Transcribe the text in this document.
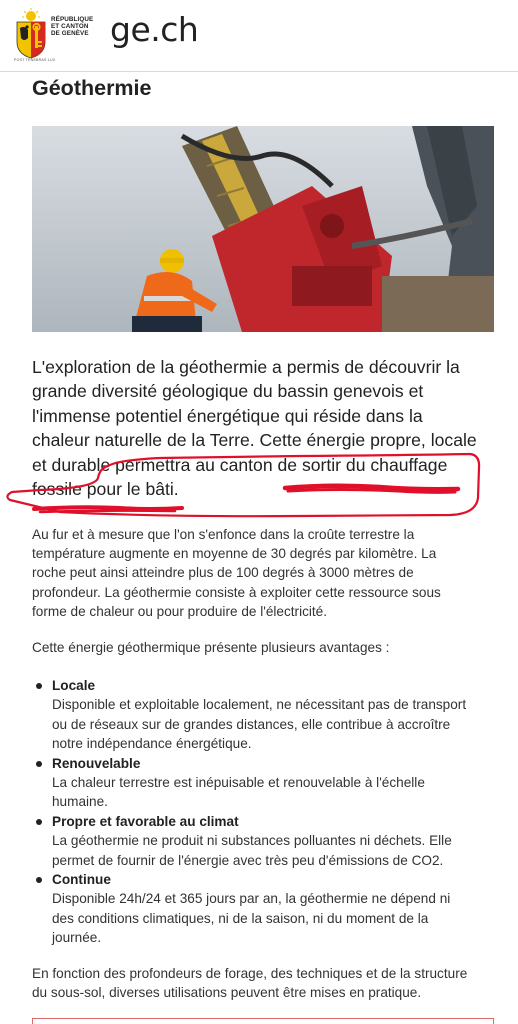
RÉPUBLIQUE
ET CANTON
DE GENÈVE
POST TENEBRAS LUX
ge.ch
Géothermie
L'exploration de la géothermie a permis de découvrir la
grande diversité géologique du bassin genevois et
l'immense potentiel énergétique qui réside dans la
chaleur naturelle de la Terre. Cette énergie propre, locale
et durable permettra au canton de sortir du chauffage
fossile pour le bâti.
Au fur et à mesure que l'on s'enfonce dans la croûte terrestre la
température augmente en moyenne de 30 degrés par kilomètre. La
roche peut ainsi atteindre plus de 100 degrés à 3000 mètres de
profondeur. La géothermie consiste à exploiter cette ressource sous
forme de chaleur ou pour produire de l'électricité.
Cette énergie géothermique présente plusieurs avantages :
Locale
Disponible et exploitable localement, ne nécessitant pas de transport
ou de réseaux sur de grandes distances, elle contribue à accroître
notre indépendance énergétique.
Renouvelable
La chaleur terrestre est inépuisable et renouvelable à l'échelle
humaine.
Propre et favorable au climat
La géothermie ne produit ni substances polluantes ni déchets. Elle
permet de fournir de l'énergie avec très peu d'émissions de CO2.
Continue
Disponible 24h/24 et 365 jours par an, la géothermie ne dépend ni
des conditions climatiques, ni de la saison, ni du moment de la
journée.
En fonction des profondeurs de forage, des techniques et de la structure
du sous-sol, diverses utilisations peuvent être mises en pratique.
